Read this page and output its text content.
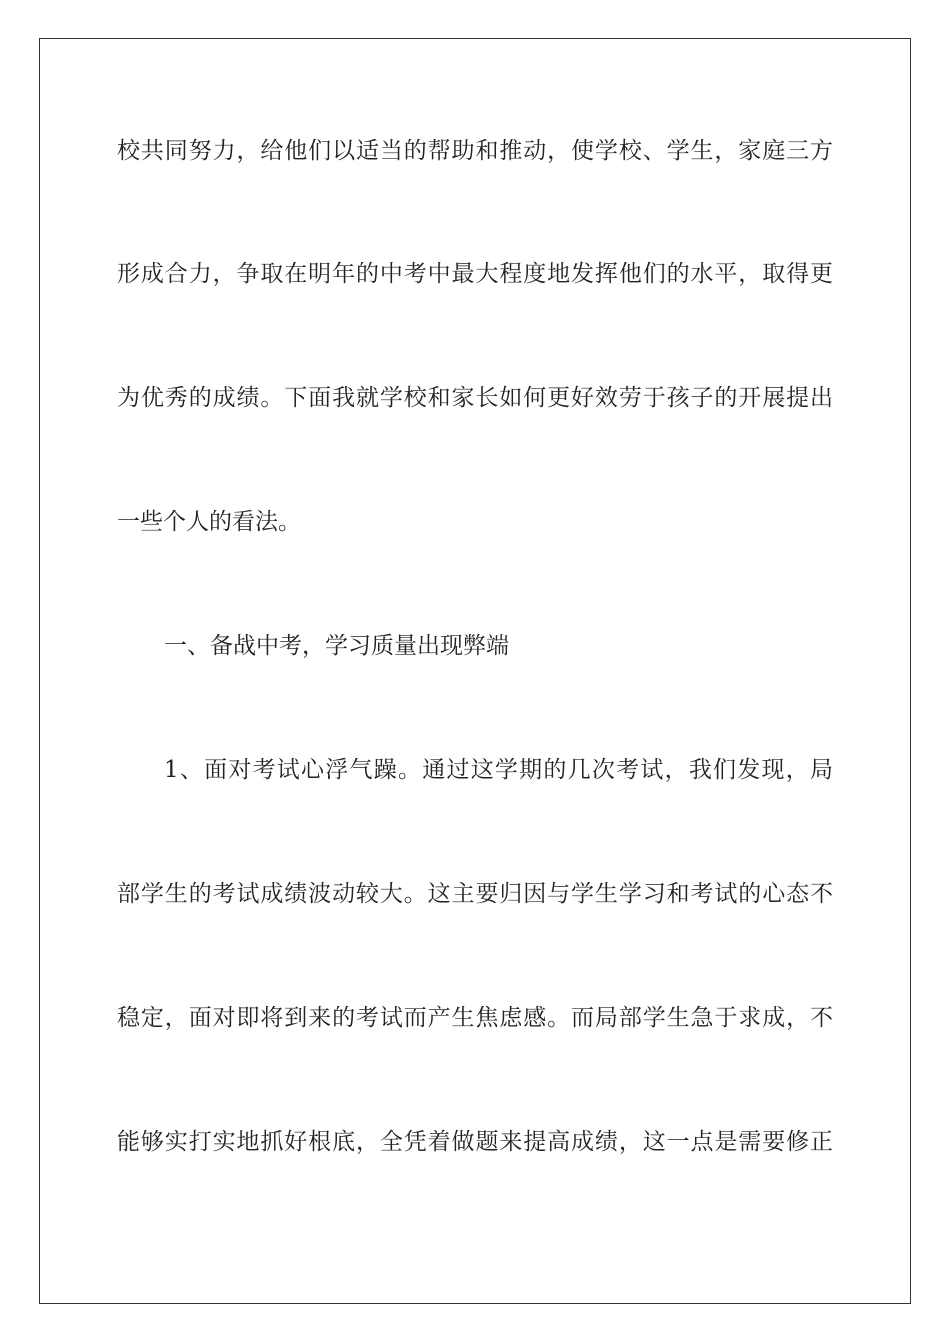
校共同努力，给他们以适当的帮助和推动，使学校、学生，家庭三方
形成合力，争取在明年的中考中最大程度地发挥他们的水平，取得更
为优秀的成绩。下面我就学校和家长如何更好效劳于孩子的开展提出
一些个人的看法。
一、备战中考，学习质量出现弊端
1、面对考试心浮气躁。通过这学期的几次考试，我们发现，局
部学生的考试成绩波动较大。这主要归因与学生学习和考试的心态不
稳定，面对即将到来的考试而产生焦虑感。而局部学生急于求成，不
能够实打实地抓好根底，全凭着做题来提高成绩，这一点是需要修正
